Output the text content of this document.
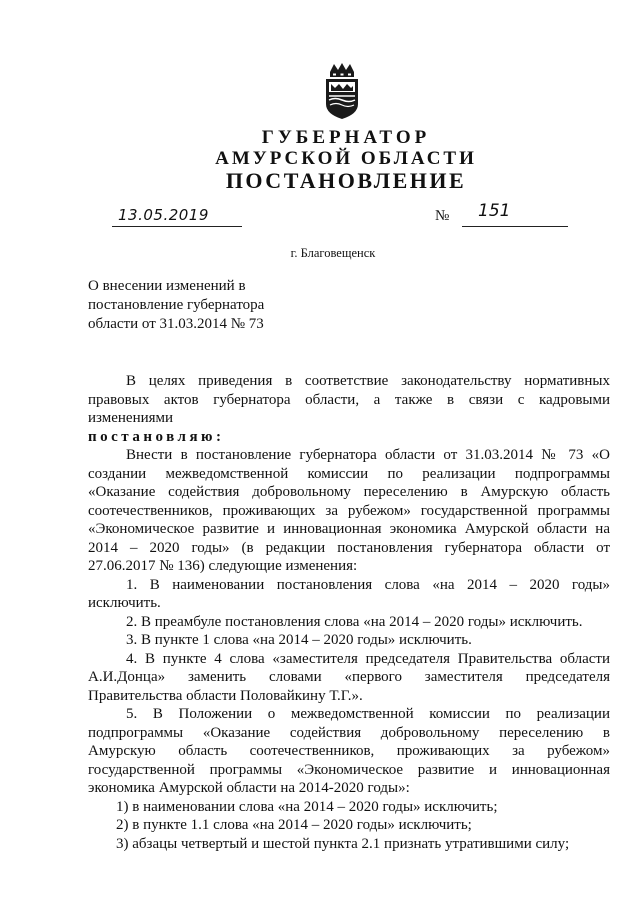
ГУБЕРНАТОР
АМУРСКОЙ ОБЛАСТИ
ПОСТАНОВЛЕНИЕ
13.05.2019	№ 151
г. Благовещенск
О внесении изменений в
постановление губернатора
области от 31.03.2014 № 73
В целях приведения в соответствие законодательству нормативных
правовых актов губернатора области, а также в связи с кадровыми
изменениями
постановляю:
Внести в постановление губернатора области от 31.03.2014 № 73 «О
создании межведомственной комиссии по реализации подпрограммы
«Оказание содействия добровольному переселению в Амурскую область
соотечественников, проживающих за рубежом» государственной программы
«Экономическое развитие и инновационная экономика Амурской области на
2014 – 2020 годы» (в редакции постановления губернатора области от
27.06.2017 № 136) следующие изменения:
1. В наименовании постановления слова «на 2014 – 2020 годы»
исключить.
2. В преамбуле постановления слова «на 2014 – 2020 годы» исключить.
3. В пункте 1 слова «на 2014 – 2020 годы» исключить.
4. В пункте 4 слова «заместителя председателя Правительства области
А.И.Донца» заменить словами «первого заместителя председателя
Правительства области Половайкину Т.Г.».
5. В Положении о межведомственной комиссии по реализации
подпрограммы «Оказание содействия добровольному переселению в
Амурскую область соотечественников, проживающих за рубежом»
государственной программы «Экономическое развитие и инновационная
экономика Амурской области на 2014-2020 годы»:
1) в наименовании слова «на 2014 – 2020 годы» исключить;
2) в пункте 1.1 слова «на 2014 – 2020 годы» исключить;
3) абзацы четвертый и шестой пункта 2.1 признать утратившими силу;
